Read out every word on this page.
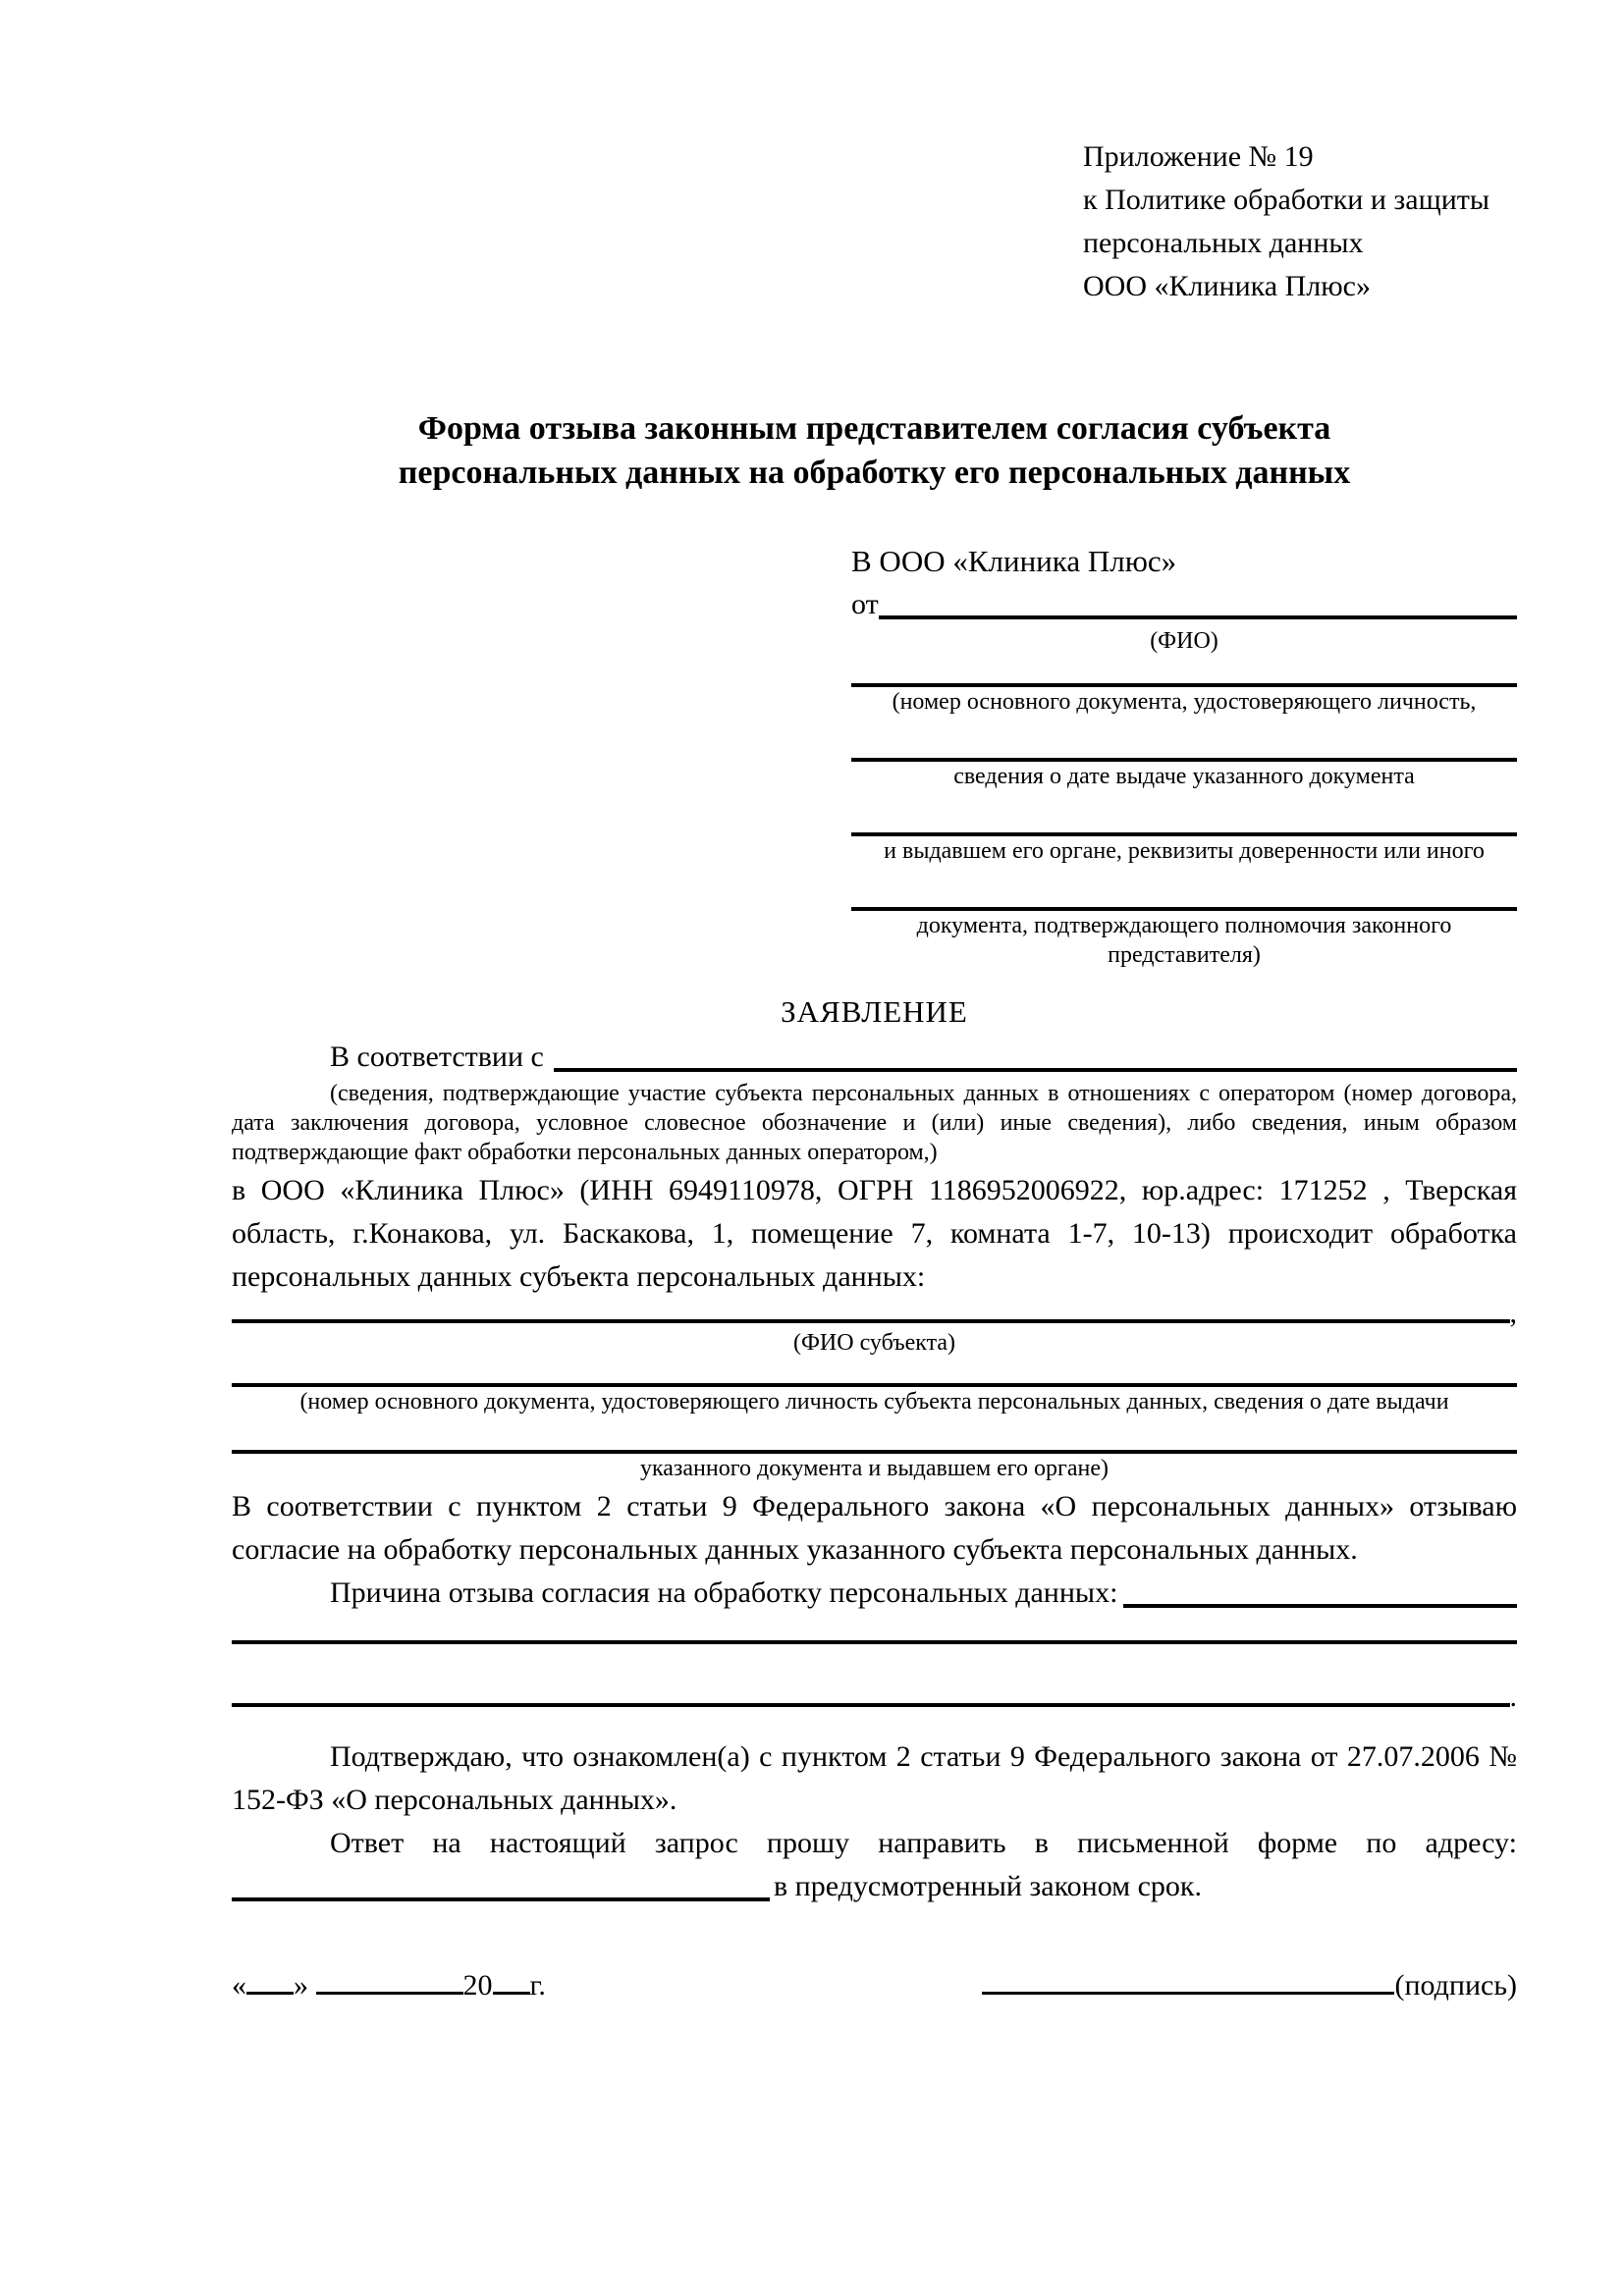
Приложение № 19
к Политике обработки и защиты
персональных данных
ООО «Клиника Плюс»
Форма отзыва законным представителем согласия субъекта
персональных данных на обработку его персональных данных
В ООО «Клиника Плюс»
от
(ФИО)
(номер основного документа, удостоверяющего личность,
сведения о дате выдаче указанного документа
и выдавшем его органе, реквизиты доверенности или иного
документа, подтверждающего полномочия законного представителя)
ЗАЯВЛЕНИЕ
В соответствии с
(сведения, подтверждающие участие субъекта персональных данных в отношениях с оператором (номер договора, дата заключения договора, условное словесное обозначение и (или) иные сведения), либо сведения, иным образом подтверждающие факт обработки персональных данных оператором,)

в ООО «Клиника Плюс» (ИНН 6949110978, ОГРН 1186952006922, юр.адрес: 171252 , Тверская область, г.Конакова, ул. Баскакова, 1, помещение 7, комната 1-7, 10-13) происходит обработка персональных данных субъекта персональных данных:

,
(ФИО субъекта)
(номер основного документа, удостоверяющего личность субъекта персональных данных, сведения о дате выдачи
указанного документа и выдавшем его органе)

В соответствии с пунктом 2 статьи 9 Федерального закона «О персональных данных» отзываю согласие на обработку персональных данных указанного субъекта персональных данных.

Причина отзыва согласия на обработку персональных данных:
.

Подтверждаю, что ознакомлен(а) с пунктом 2 статьи 9 Федерального закона от 27.07.2006 № 152-ФЗ «О персональных данных».

Ответ на настоящий запрос прошу направить в письменной форме по адресу:
в предусмотренный законом срок.
« »	20 г.	(подпись)
